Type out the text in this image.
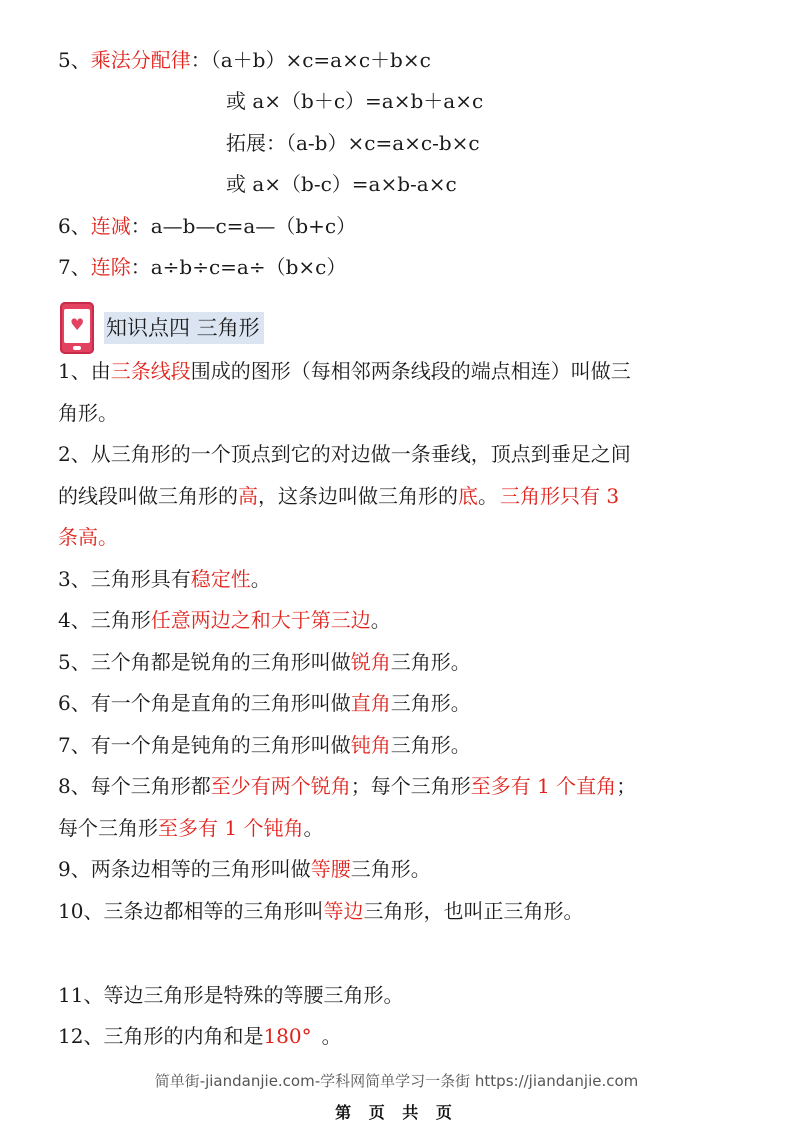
5、乘法分配律：（a＋b）×c=a×c＋b×c
或 a×（b＋c）=a×b＋a×c
拓展：（a-b）×c=a×c-b×c
或 a×（b-c）=a×b-a×c
6、连减：a—b—c=a—（b+c）
7、连除：a÷b÷c=a÷（b×c）
♥ 知识点四 三角形
1、由三条线段围成的图形（每相邻两条线段的端点相连）叫做三
角形。
2、从三角形的一个顶点到它的对边做一条垂线，顶点到垂足之间
的线段叫做三角形的高，这条边叫做三角形的底。 三角形只有 3
条高。
3、三角形具有稳定性。
4、三角形任意两边之和大于第三边。
5、三个角都是锐角的三角形叫做锐角三角形。
6、有一个角是直角的三角形叫做直角三角形。
7、有一个角是钝角的三角形叫做钝角三角形。
8、每个三角形都至少有两个锐角；每个三角形至多有 1 个直角；
每个三角形至多有 1 个钝角。
9、两条边相等的三角形叫做等腰三角形。
10、三条边都相等的三角形叫等边三角形，也叫正三角形。
11、等边三角形是特殊的等腰三角形。
12、三角形的内角和是180° 。
简单街-jiandanjie.com-学科网简单学习一条街 https://jiandanjie.com
第 页 共 页
